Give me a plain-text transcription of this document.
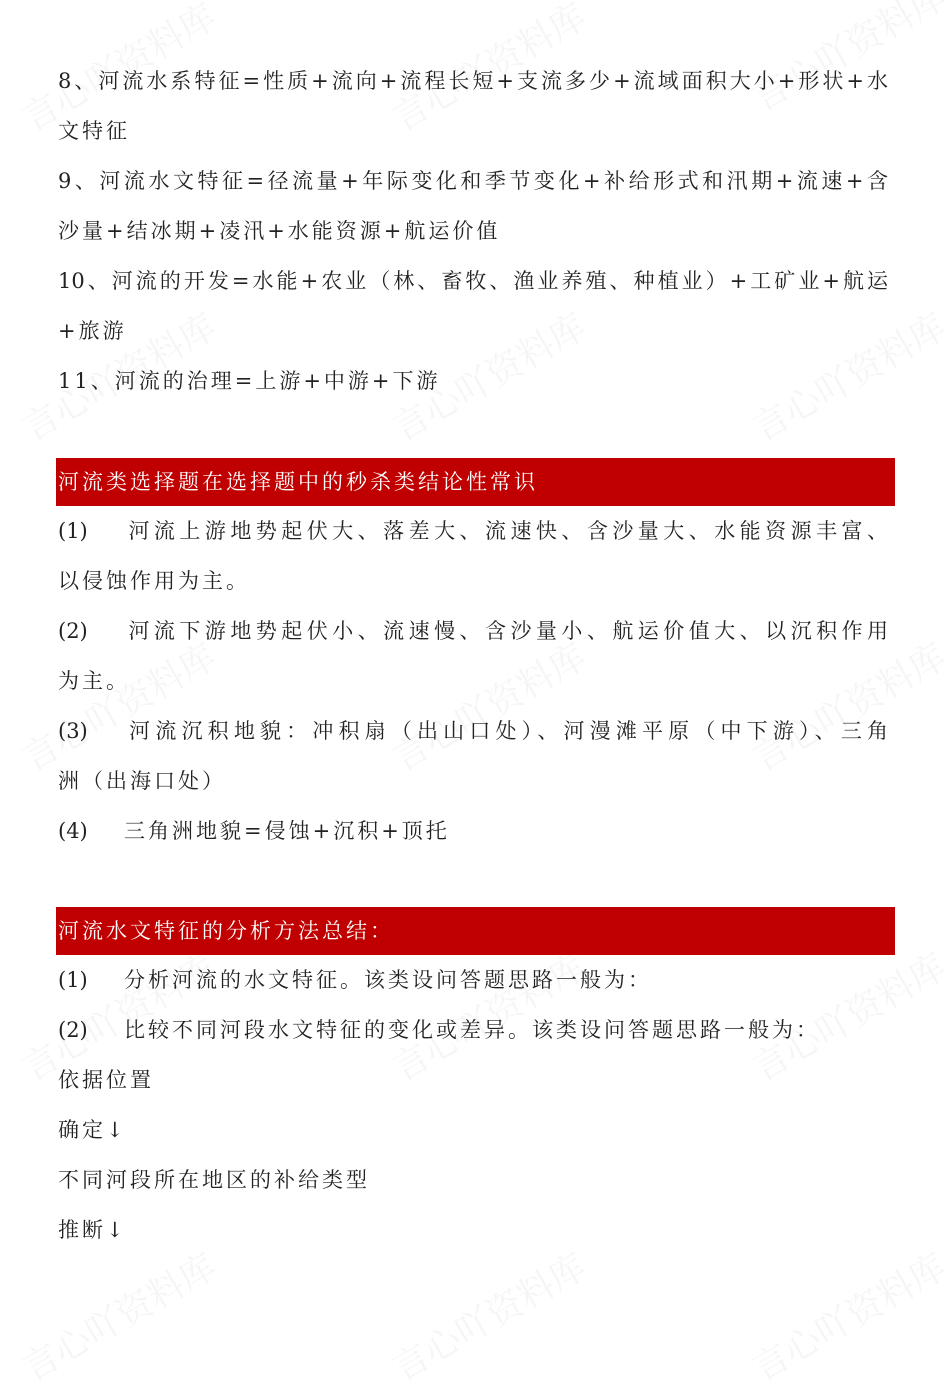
8、河流水系特征=性质+流向+流程长短+支流多少+流域面积大小+形状+水
文特征
9、河流水文特征=径流量+年际变化和季节变化+补给形式和汛期+流速+含
沙量+结冰期+凌汛+水能资源+航运价值
10、河流的开发=水能+农业（林、畜牧、渔业养殖、种植业）+工矿业+航运
+旅游
11、河流的治理=上游+中游+下游
河流类选择题在选择题中的秒杀类结论性常识
(1) 河流上游地势起伏大、落差大、流速快、含沙量大、水能资源丰富、
以侵蚀作用为主。
(2) 河流下游地势起伏小、流速慢、含沙量小、航运价值大、以沉积作用
为主。
(3) 河流沉积地貌：冲积扇（出山口处）、河漫滩平原（中下游）、三角
洲（出海口处）
(4) 三角洲地貌=侵蚀+沉积+顶托
河流水文特征的分析方法总结：
(1) 分析河流的水文特征。该类设问答题思路一般为：
(2) 比较不同河段水文特征的变化或差异。该类设问答题思路一般为：
依据位置
确定↓
不同河段所在地区的补给类型
推断↓
